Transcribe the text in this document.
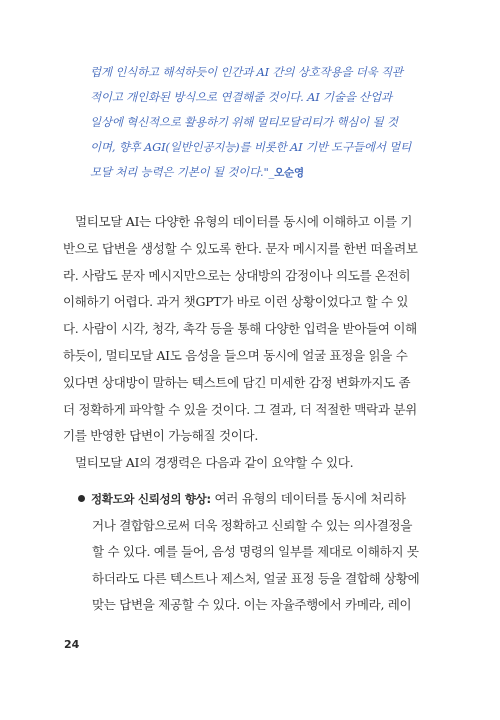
럽게 인식하고 해석하듯이 인간과 AI 간의 상호작용을 더욱 직관
적이고 개인화된 방식으로 연결해줄 것이다. AI 기술을 산업과
일상에 혁신적으로 활용하기 위해 멀티모달리티가 핵심이 될 것
이며, 향후 AGI(일반인공지능)를 비롯한 AI 기반 도구들에서 멀티
모달 처리 능력은 기본이 될 것이다."_오순영
멀티모달 AI는 다양한 유형의 데이터를 동시에 이해하고 이를 기
반으로 답변을 생성할 수 있도록 한다. 문자 메시지를 한번 떠올려보
라. 사람도 문자 메시지만으로는 상대방의 감정이나 의도를 온전히
이해하기 어렵다. 과거 챗GPT가 바로 이런 상황이었다고 할 수 있
다. 사람이 시각, 청각, 촉각 등을 통해 다양한 입력을 받아들여 이해
하듯이, 멀티모달 AI도 음성을 들으며 동시에 얼굴 표정을 읽을 수
있다면 상대방이 말하는 텍스트에 담긴 미세한 감정 변화까지도 좀
더 정확하게 파악할 수 있을 것이다. 그 결과, 더 적절한 맥락과 분위
기를 반영한 답변이 가능해질 것이다.
멀티모달 AI의 경쟁력은 다음과 같이 요약할 수 있다.
정확도와 신뢰성의 향상: 여러 유형의 데이터를 동시에 처리하
거나 결합함으로써 더욱 정확하고 신뢰할 수 있는 의사결정을
할 수 있다. 예를 들어, 음성 명령의 일부를 제대로 이해하지 못
하더라도 다른 텍스트나 제스처, 얼굴 표정 등을 결합해 상황에
맞는 답변을 제공할 수 있다. 이는 자율주행에서 카메라, 레이
24
